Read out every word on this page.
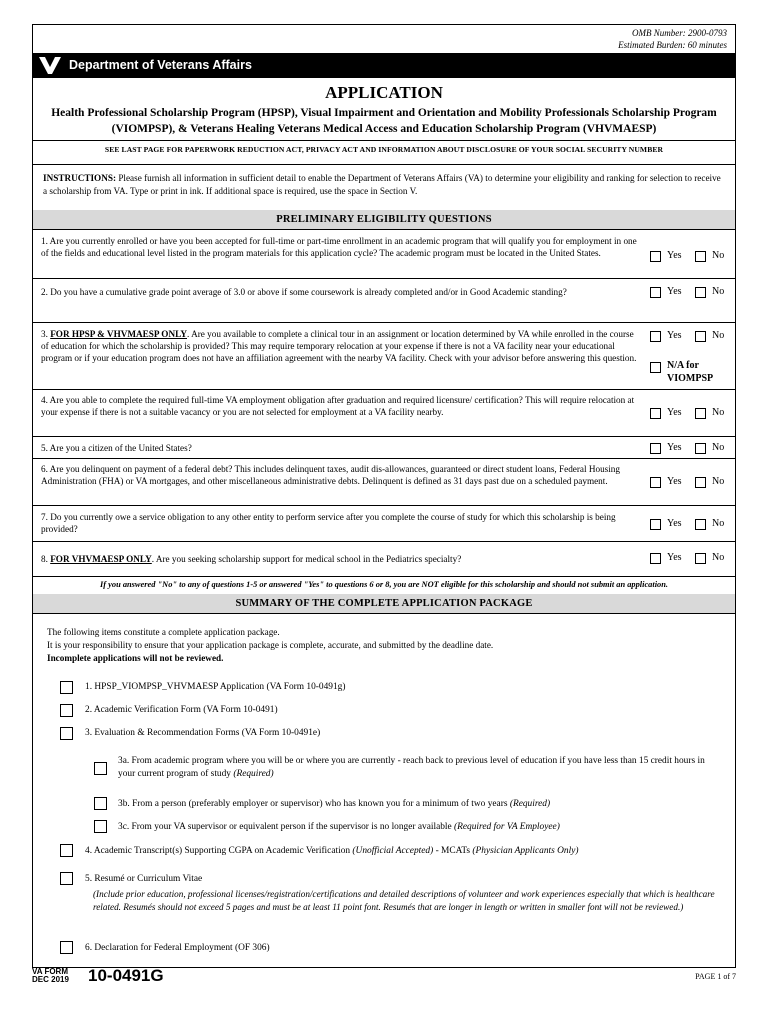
OMB Number: 2900-0793
Estimated Burden: 60 minutes
Department of Veterans Affairs
APPLICATION
Health Professional Scholarship Program (HPSP), Visual Impairment and Orientation and Mobility Professionals Scholarship Program (VIOMPSP), & Veterans Healing Veterans Medical Access and Education Scholarship Program (VHVMAESP)
SEE LAST PAGE FOR PAPERWORK REDUCTION ACT, PRIVACY ACT AND INFORMATION ABOUT DISCLOSURE OF YOUR SOCIAL SECURITY NUMBER
INSTRUCTIONS: Please furnish all information in sufficient detail to enable the Department of Veterans Affairs (VA) to determine your eligibility and ranking for selection to receive a scholarship from VA. Type or print in ink. If additional space is required, use the space in Section V.
PRELIMINARY ELIGIBILITY QUESTIONS
1. Are you currently enrolled or have you been accepted for full-time or part-time enrollment in an academic program that will qualify you for employment in one of the fields and educational level listed in the program materials for this application cycle? The academic program must be located in the United States.	Yes	No
2. Do you have a cumulative grade point average of 3.0 or above if some coursework is already completed and/or in Good Academic standing?	Yes	No
3. FOR HPSP & VHVMAESP ONLY. Are you available to complete a clinical tour in an assignment or location determined by VA while enrolled in the course of education for which the scholarship is provided? This may require temporary relocation at your expense if there is not a VA facility near your educational program or if your education program does not have an affiliation agreement with the nearby VA facility. Check with your advisor before answering this question.
Yes	No
N/A for
VIOMPSP
4. Are you able to complete the required full-time VA employment obligation after graduation and required licensure/ certification? This will require relocation at your expense if there is not a suitable vacancy or you are not selected for employment at a VA facility nearby.	Yes	No
5. Are you a citizen of the United States?	Yes	No
6. Are you delinquent on payment of a federal debt? This includes delinquent taxes, audit dis-allowances, guaranteed or direct student loans, Federal Housing Administration (FHA) or VA mortgages, and other miscellaneous administrative debts. Delinquent is defined as 31 days past due on a scheduled payment.	Yes	No
7. Do you currently owe a service obligation to any other entity to perform service after you complete the course of study for which this scholarship is being provided?	Yes	No
8. FOR VHVMAESP ONLY. Are you seeking scholarship support for medical school in the Pediatrics specialty?	Yes	No
If you answered "No" to any of questions 1-5 or answered "Yes" to questions 6 or 8, you are NOT eligible for this scholarship and should not submit an application.
SUMMARY OF THE COMPLETE APPLICATION PACKAGE
The following items constitute a complete application package.
It is your responsibility to ensure that your application package is complete, accurate, and submitted by the deadline date.
Incomplete applications will not be reviewed.
1. HPSP_VIOMPSP_VHVMAESP Application (VA Form 10-0491g)
2. Academic Verification Form (VA Form 10-0491)
3. Evaluation & Recommendation Forms (VA Form 10-0491e)
3a. From academic program where you will be or where you are currently - reach back to previous level of education if you have less than 15 credit hours in your current program of study (Required)
3b. From a person (preferably employer or supervisor) who has known you for a minimum of two years (Required)
3c. From your VA supervisor or equivalent person if the supervisor is no longer available (Required for VA Employee)
4. Academic Transcript(s) Supporting CGPA on Academic Verification (Unofficial Accepted) - MCATs (Physician Applicants Only)
5. Resumé or Curriculum Vitae
(Include prior education, professional licenses/registration/certifications and detailed descriptions of volunteer and work experiences especially that which is healthcare related. Resumés should not exceed 5 pages and must be at least 11 point font. Resumés that are longer in length or written in smaller font will not be reviewed.)
6. Declaration for Federal Employment (OF 306)
VA FORM
DEC 2019 10-0491G	PAGE 1 of 7
